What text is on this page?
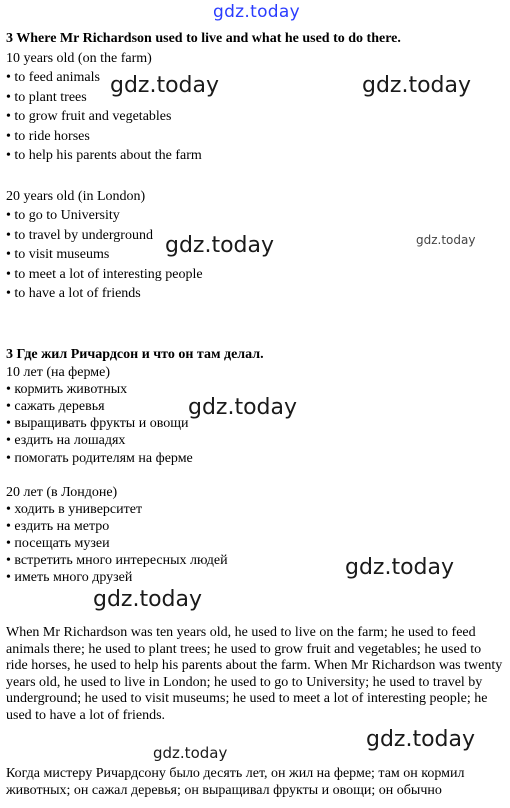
3 Where Mr Richardson used to live and what he used to do there.
10 years old (on the farm)
• to feed animals
• to plant trees
• to grow fruit and vegetables
• to ride horses
• to help his parents about the farm
20 years old (in London)
• to go to University
• to travel by underground
• to visit museums
• to meet a lot of interesting people
• to have a lot of friends
3 Где жил Ричардсон и что он там делал.
10 лет (на ферме)
• кормить животных
• сажать деревья
• выращивать фрукты и овощи
• ездить на лошадях
• помогать родителям на ферме
20 лет (в Лондоне)
• ходить в университет
• ездить на метро
• посещать музеи
• встретить много интересных людей
• иметь много друзей
When Mr Richardson was ten years old, he used to live on the farm; he used to feed animals there; he used to plant trees; he used to grow fruit and vegetables; he used to ride horses, he used to help his parents about the farm. When Mr Richardson was twenty years old, he used to live in London; he used to go to University; he used to travel by underground; he used to visit museums; he used to meet a lot of interesting people; he used to have a lot of friends.
Когда мистеру Ричардсону было десять лет, он жил на ферме; там он кормил животных; он сажал деревья; он выращивал фрукты и овощи; он обычно
gdz.today
gdz.today	gdz.today
gdz.today	gdz.today
gdz.today
gdz.today
gdz.today
gdz.today
gdz.today
